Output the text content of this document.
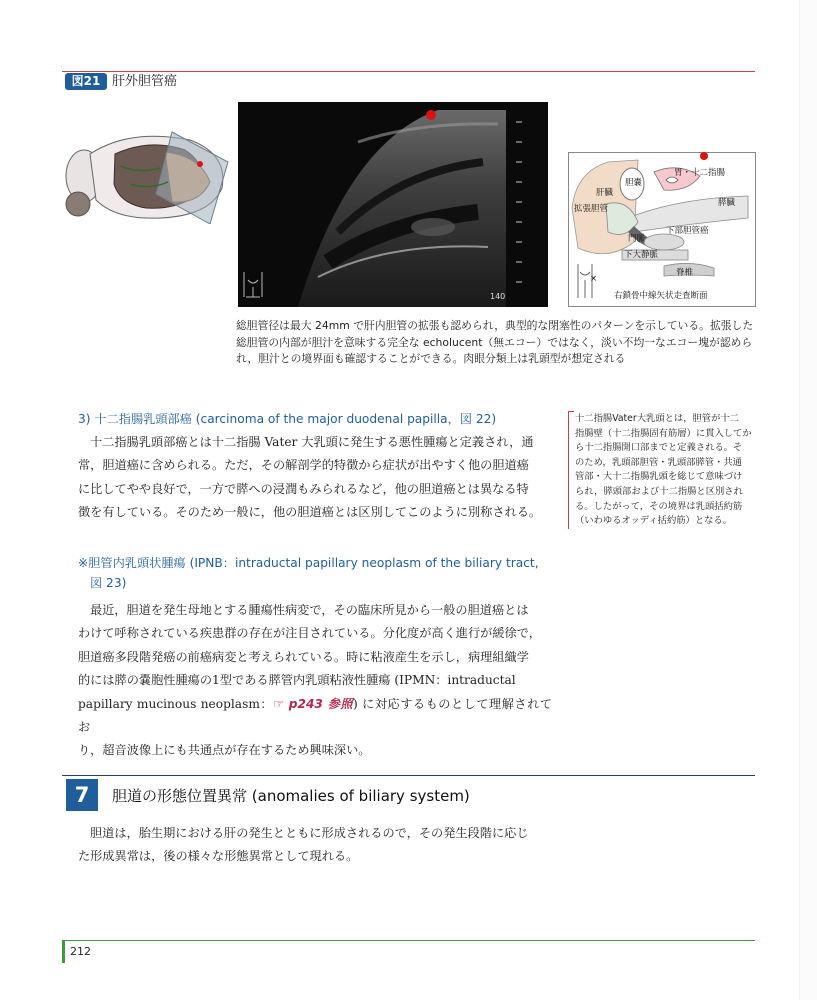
図21 肝外胆管癌
140
胆嚢
胃・十二指腸
肝臓
膵臓
拡張胆管
下部胆管癌
門脈
下大静脈
脊椎
×
右鎖骨中線矢状走査断面
総胆管径は最大 24mm で肝内胆管の拡張も認められ，典型的な閉塞性のパターンを示している。拡張した総胆管の内部が胆汁を意味する完全な echolucent（無エコー）ではなく，淡い不均一なエコー塊が認められ，胆汁との境界面も確認することができる。肉眼分類上は乳頭型が想定される
3) 十二指腸乳頭部癌 (carcinoma of the major duodenal papilla，図 22)
十二指腸乳頭部癌とは十二指腸 Vater 大乳頭に発生する悪性腫瘍と定義され，通
常，胆道癌に含められる。ただ，その解剖学的特徴から症状が出やすく他の胆道癌
に比してやや良好で，一方で膵への浸潤もみられるなど，他の胆道癌とは異なる特
徴を有している。そのため一般に，他の胆道癌とは区別してこのように別称される。
十二指腸Vater大乳頭とは，胆管が十二
指腸壁（十二指腸固有筋層）に貫入してか
ら十二指腸開口部までと定義される。そ
のため，乳頭部胆管・乳頭部膵管・共通
管部・大十二指腸乳頭を総じて意味づけ
られ，膵頭部および十二指腸と区別され
る。したがって，その境界は乳頭括約筋
（いわゆるオッディ括約筋）となる。
※胆管内乳頭状腫瘍 (IPNB：intraductal papillary neoplasm of the biliary tract,
図 23)
最近，胆道を発生母地とする腫瘍性病変で，その臨床所見から一般の胆道癌とは
わけて呼称されている疾患群の存在が注目されている。分化度が高く進行が緩徐で，
胆道癌多段階発癌の前癌病変と考えられている。時に粘液産生を示し，病理組織学
的には膵の嚢胞性腫瘍の1型である膵管内乳頭粘液性腫瘍 (IPMN：intraductal
papillary mucinous neoplasm：☞ p243 参照) に対応するものとして理解されてお
り，超音波像上にも共通点が存在するため興味深い。
7	胆道の形態位置異常 (anomalies of biliary system)
胆道は，胎生期における肝の発生とともに形成されるので，その発生段階に応じ
た形成異常は，後の様々な形態異常として現れる。
212
